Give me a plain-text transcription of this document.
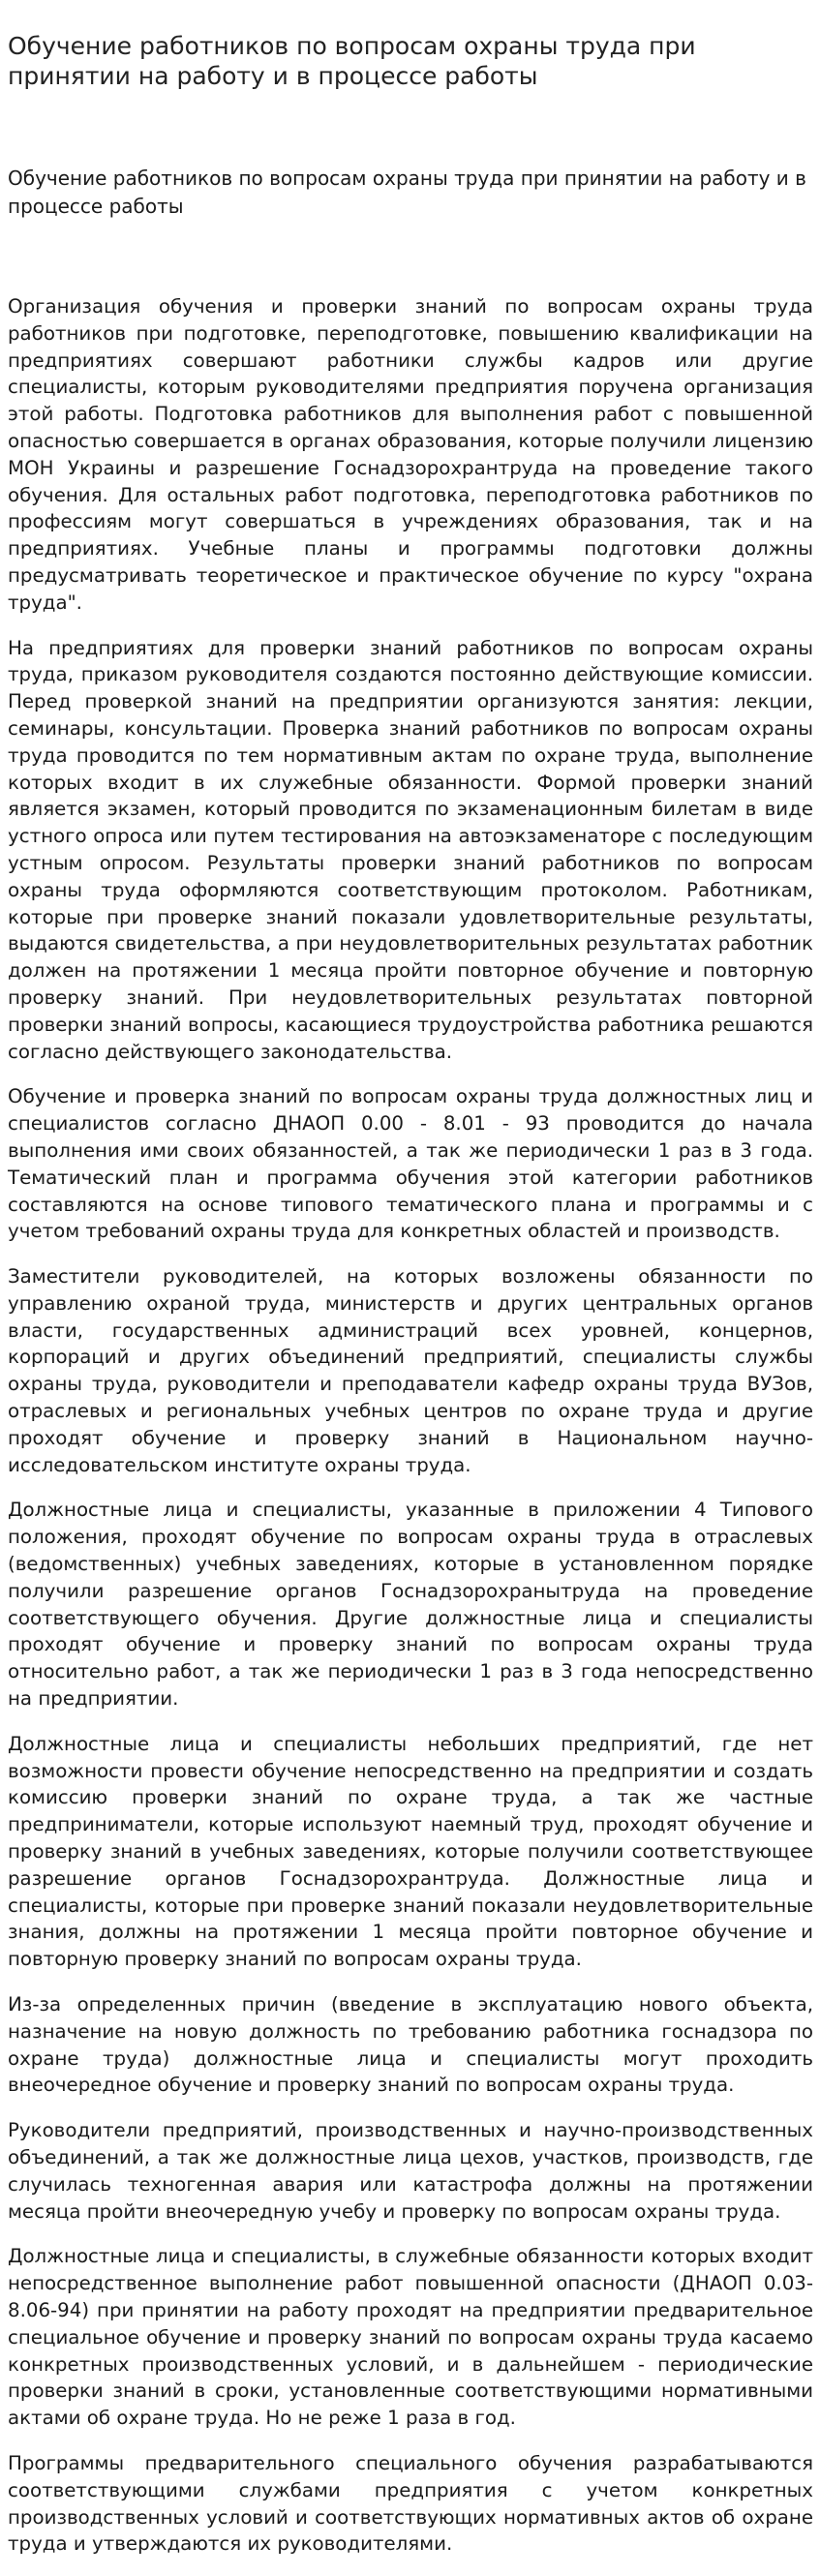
Обучение работников по вопросам охраны труда при принятии на работу и в процессе работы
Обучение работников по вопросам охраны труда при принятии на работу и в процессе работы

Организация обучения и проверки знаний по вопросам охраны труда работников при подготовке, переподготовке, повышению квалификации на предприятиях совершают работники службы кадров или другие специалисты, которым руководителями предприятия поручена организация этой работы. Подготовка работников для выполнения работ с повышенной опасностью совершается в органах образования, которые получили лицензию МОН Украины и разрешение Госнадзорохрантруда на проведение такого обучения. Для остальных работ подготовка, переподготовка работников по профессиям могут совершаться в учреждениях образования, так и на предприятиях. Учебные планы и программы подготовки должны предусматривать теоретическое и практическое обучение по курсу "охрана труда".

На предприятиях для проверки знаний работников по вопросам охраны труда, приказом руководителя создаются постоянно действующие комиссии. Перед проверкой знаний на предприятии организуются занятия: лекции, семинары, консультации. Проверка знаний работников по вопросам охраны труда проводится по тем нормативным актам по охране труда, выполнение которых входит в их служебные обязанности. Формой проверки знаний является экзамен, который проводится по экзаменационным билетам в виде устного опроса или путем тестирования на автоэкзаменаторе с последующим устным опросом. Результаты проверки знаний работников по вопросам охраны труда оформляются соответствующим протоколом. Работникам, которые при проверке знаний показали удовлетворительные результаты, выдаются свидетельства, а при неудовлетворительных результатах работник должен на протяжении 1 месяца пройти повторное обучение и повторную проверку знаний. При неудовлетворительных результатах повторной проверки знаний вопросы, касающиеся трудоустройства работника решаются согласно действующего законодательства.

Обучение и проверка знаний по вопросам охраны труда должностных лиц и специалистов согласно ДНАОП 0.00 - 8.01 - 93 проводится до начала выполнения ими своих обязанностей, а так же периодически 1 раз в 3 года. Тематический план и программа обучения этой категории работников составляются на основе типового тематического плана и программы и с учетом требований охраны труда для конкретных областей и производств.

Заместители руководителей, на которых возложены обязанности по управлению охраной труда, министерств и других центральных органов власти, государственных администраций всех уровней, концернов, корпораций и других объединений предприятий, специалисты службы охраны труда, руководители и преподаватели кафедр охраны труда ВУЗов, отраслевых и региональных учебных центров по охране труда и другие проходят обучение и проверку знаний в Национальном научно-исследовательском институте охраны труда.

Должностные лица и специалисты, указанные в приложении 4 Типового положения, проходят обучение по вопросам охраны труда в отраслевых (ведомственных) учебных заведениях, которые в установленном порядке получили разрешение органов Госнадзорохранытруда на проведение соответствующего обучения. Другие должностные лица и специалисты проходят обучение и проверку знаний по вопросам охраны труда относительно работ, а так же периодически 1 раз в 3 года непосредственно на предприятии.

Должностные лица и специалисты небольших предприятий, где нет возможности провести обучение непосредственно на предприятии и создать комиссию проверки знаний по охране труда, а так же частные предприниматели, которые используют наемный труд, проходят обучение и проверку знаний в учебных заведениях, которые получили соответствующее разрешение органов Госнадзорохрантруда. Должностные лица и специалисты, которые при проверке знаний показали неудовлетворительные знания, должны на протяжении 1 месяца пройти повторное обучение и повторную проверку знаний по вопросам охраны труда.

Из-за определенных причин (введение в эксплуатацию нового объекта, назначение на новую должность по требованию работника госнадзора по охране труда) должностные лица и специалисты могут проходить внеочередное обучение и проверку знаний по вопросам охраны труда.

Руководители предприятий, производственных и научно-производственных объединений, а так же должностные лица цехов, участков, производств, где случилась техногенная авария или катастрофа должны на протяжении месяца пройти внеочередную учебу и проверку по вопросам охраны труда.

Должностные лица и специалисты, в служебные обязанности которых входит непосредственное выполнение работ повышенной опасности (ДНАОП 0.03-8.06-94) при принятии на работу проходят на предприятии предварительное специальное обучение и проверку знаний по вопросам охраны труда касаемо конкретных производственных условий, и в дальнейшем - периодические проверки знаний в сроки, установленные соответствующими нормативными актами об охране труда. Но не реже 1 раза в год.

Программы предварительного специального обучения разрабатываются соответствующими службами предприятия с учетом конкретных производственных условий и соответствующих нормативных актов об охране труда и утверждаются их руководителями.
